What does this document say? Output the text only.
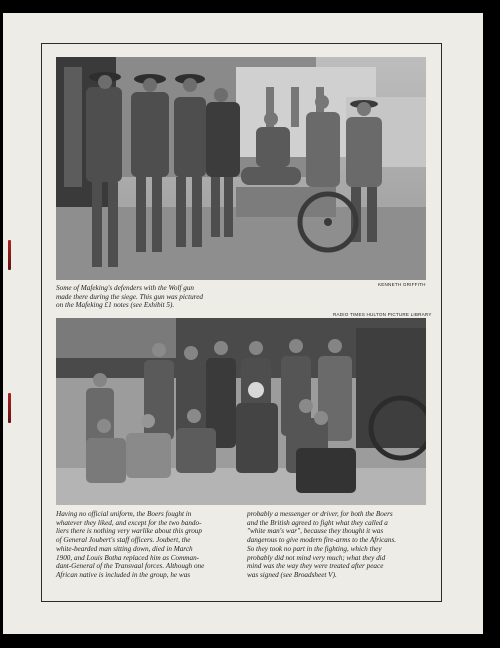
KENNETH GRIFFITH
Some of Mafeking's defenders with the Wolf gun
made there during the siege. This gun was pictured
on the Mafeking £1 notes (see Exhibit 5).
RADIO TIMES HULTON PICTURE LIBRARY
Having no official uniform, the Boers fought in
whatever they liked, and except for the two bando-
liers there is nothing very warlike about this group
of General Joubert's staff officers. Joubert, the
white-bearded man sitting down, died in March
1900, and Louis Botha replaced him as Comman-
dant-General of the Transvaal forces. Although one
African native is included in the group, he was
probably a messenger or driver, for both the Boers
and the British agreed to fight what they called a
"white man's war", because they thought it was
dangerous to give modern fire-arms to the Africans.
So they took no part in the fighting, which they
probably did not mind very much; what they did
mind was the way they were treated after peace
was signed (see Broadsheet V).
